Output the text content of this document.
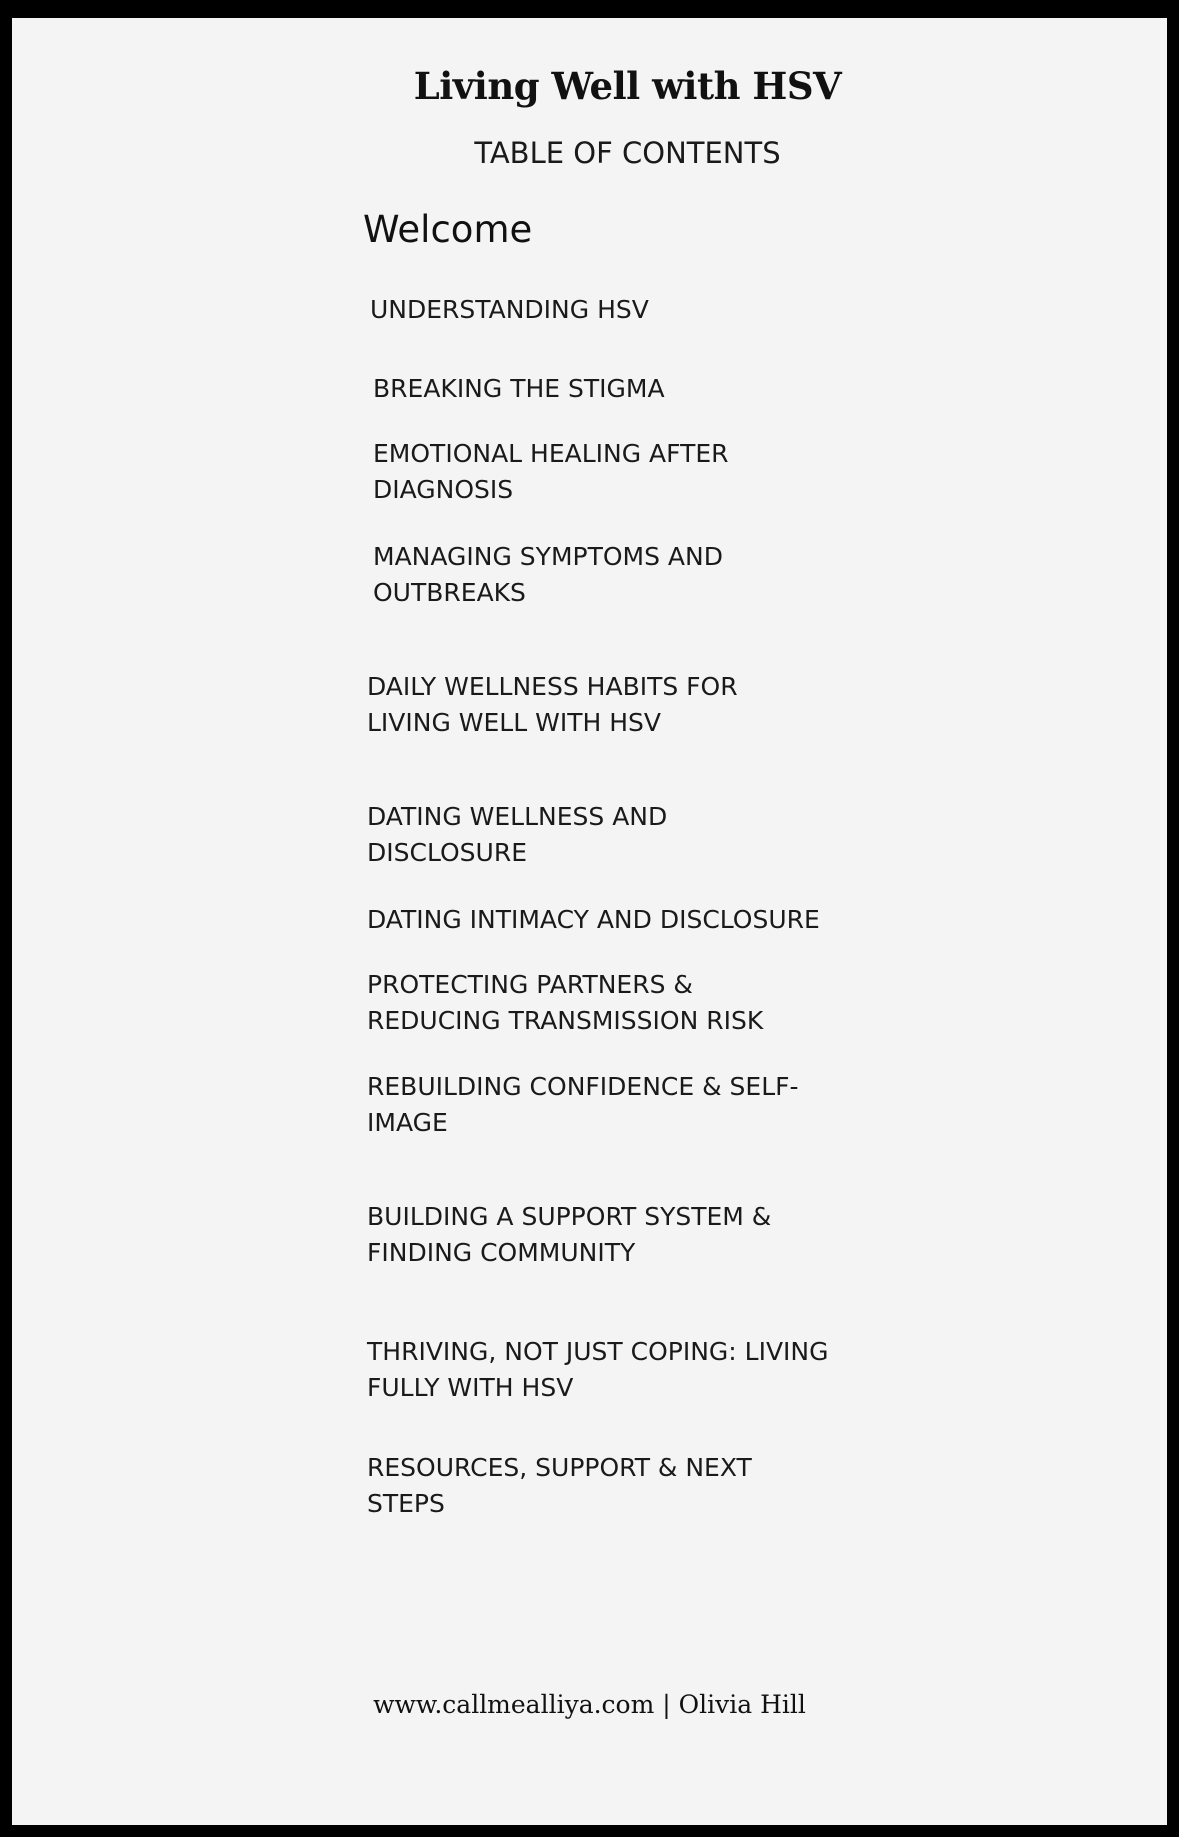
Living Well with HSV
TABLE OF CONTENTS

Welcome

UNDERSTANDING HSV

BREAKING THE STIGMA

EMOTIONAL HEALING AFTER
DIAGNOSIS

MANAGING SYMPTOMS AND
OUTBREAKS

DAILY WELLNESS HABITS FOR
LIVING WELL WITH HSV

DATING WELLNESS AND
DISCLOSURE

DATING INTIMACY AND DISCLOSURE

PROTECTING PARTNERS &
REDUCING TRANSMISSION RISK

REBUILDING CONFIDENCE & SELF-
IMAGE

BUILDING A SUPPORT SYSTEM &
FINDING COMMUNITY

THRIVING, NOT JUST COPING: LIVING
FULLY WITH HSV

RESOURCES, SUPPORT & NEXT
STEPS

www.callmealliya.com | Olivia Hill
